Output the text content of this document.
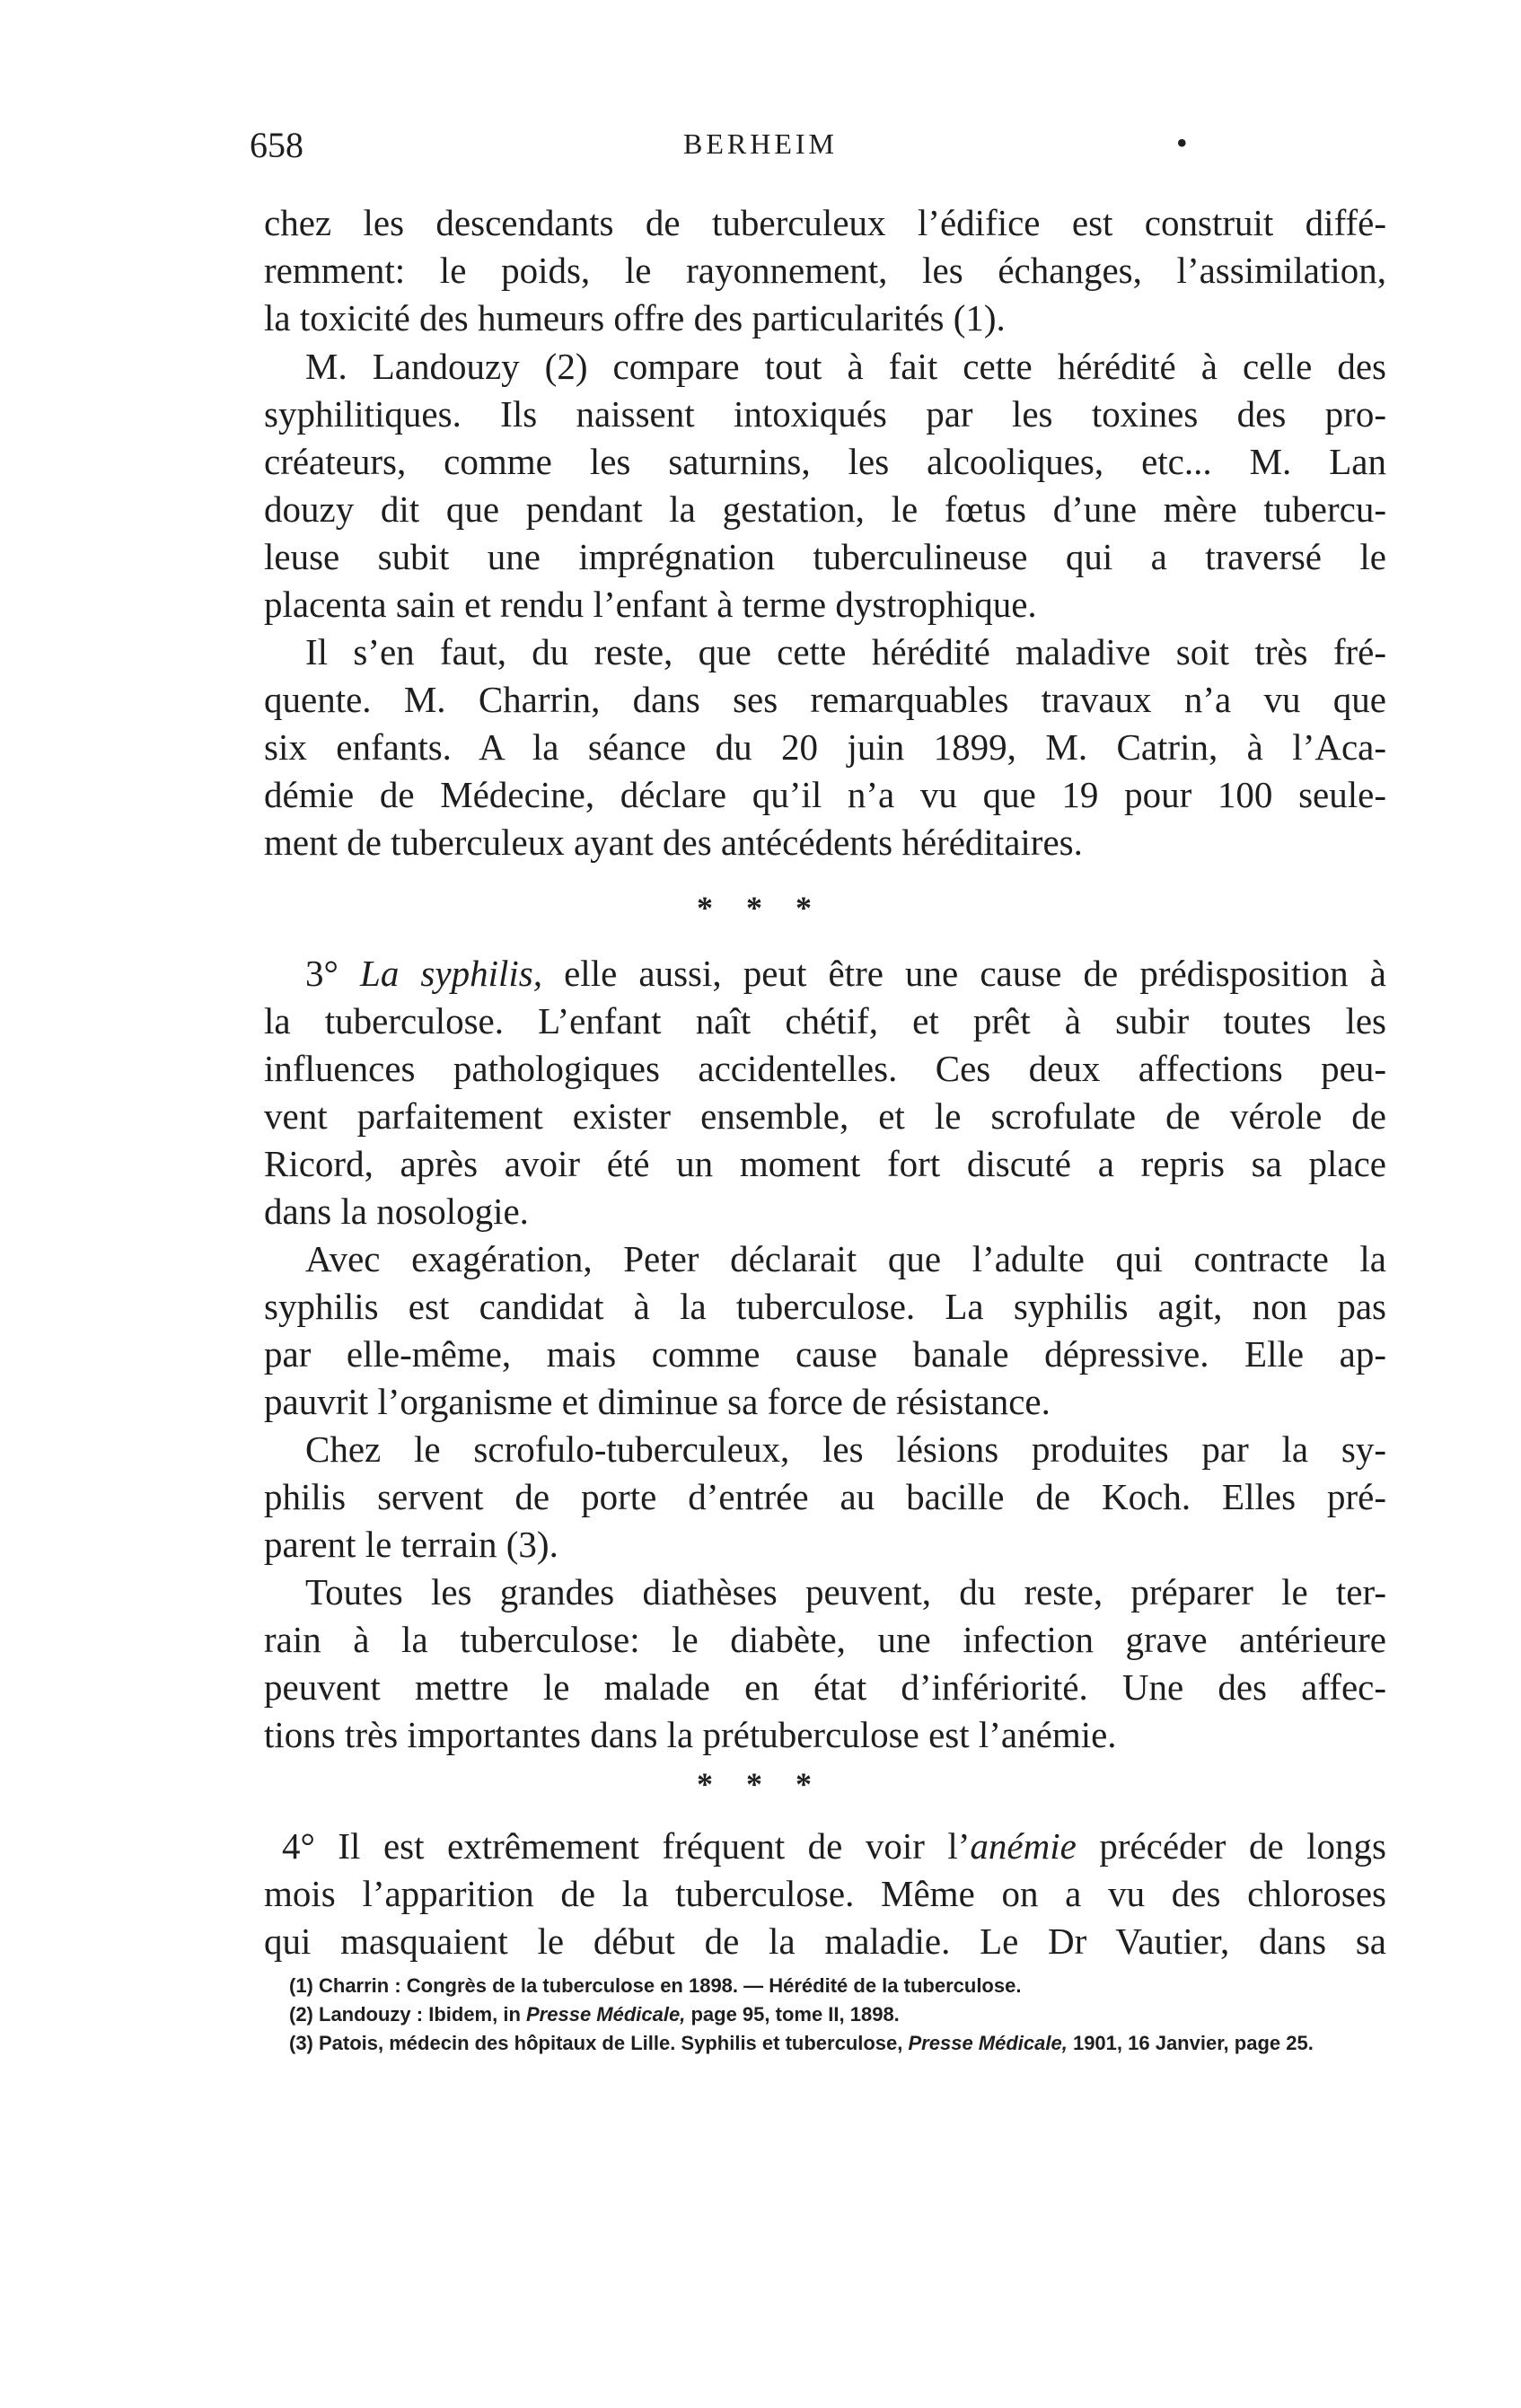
658	BERHEIM	•

chez les descendants de tuberculeux l’édifice est construit diffé-

remment: le poids, le rayonnement, les échanges, l’assimilation,

la toxicité des humeurs offre des particularités (1).

M. Landouzy (2) compare tout à fait cette hérédité à celle des

syphilitiques. Ils naissent intoxiqués par les toxines des pro-

créateurs, comme les saturnins, les alcooliques, etc... M. Lan

douzy dit que pendant la gestation, le fœtus d’une mère tubercu-

leuse subit une imprégnation tuberculineuse qui a traversé le

placenta sain et rendu l’enfant à terme dystrophique.

Il s’en faut, du reste, que cette hérédité maladive soit très fré-

quente. M. Charrin, dans ses remarquables travaux n’a vu que

six enfants. A la séance du 20 juin 1899, M. Catrin, à l’Aca-

démie de Médecine, déclare qu’il n’a vu que 19 pour 100 seule-

ment de tuberculeux ayant des antécédents héréditaires.

* * *

3° La syphilis, elle aussi, peut être une cause de prédisposition à

la tuberculose. L’enfant naît chétif, et prêt à subir toutes les

influences pathologiques accidentelles. Ces deux affections peu-

vent parfaitement exister ensemble, et le scrofulate de vérole de

Ricord, après avoir été un moment fort discuté a repris sa place

dans la nosologie.

Avec exagération, Peter déclarait que l’adulte qui contracte la

syphilis est candidat à la tuberculose. La syphilis agit, non pas

par elle-même, mais comme cause banale dépressive. Elle ap-

pauvrit l’organisme et diminue sa force de résistance.

Chez le scrofulo-tuberculeux, les lésions produites par la sy-

philis servent de porte d’entrée au bacille de Koch. Elles pré-

parent le terrain (3).

Toutes les grandes diathèses peuvent, du reste, préparer le ter-

rain à la tuberculose: le diabète, une infection grave antérieure

peuvent mettre le malade en état d’infériorité. Une des affec-

tions très importantes dans la prétuberculose est l’anémie.

* * *

4° Il est extrêmement fréquent de voir l’anémie précéder de longs

mois l’apparition de la tuberculose. Même on a vu des chloroses

qui masquaient le début de la maladie. Le Dr Vautier, dans sa

(1) Charrin : Congrès de la tuberculose en 1898. — Hérédité de la tuberculose.

(2) Landouzy : Ibidem, in Presse Médicale, page 95, tome II, 1898.

(3) Patois, médecin des hôpitaux de Lille. Syphilis et tuberculose, Presse Médicale, 1901, 16 Janvier, page 25.
